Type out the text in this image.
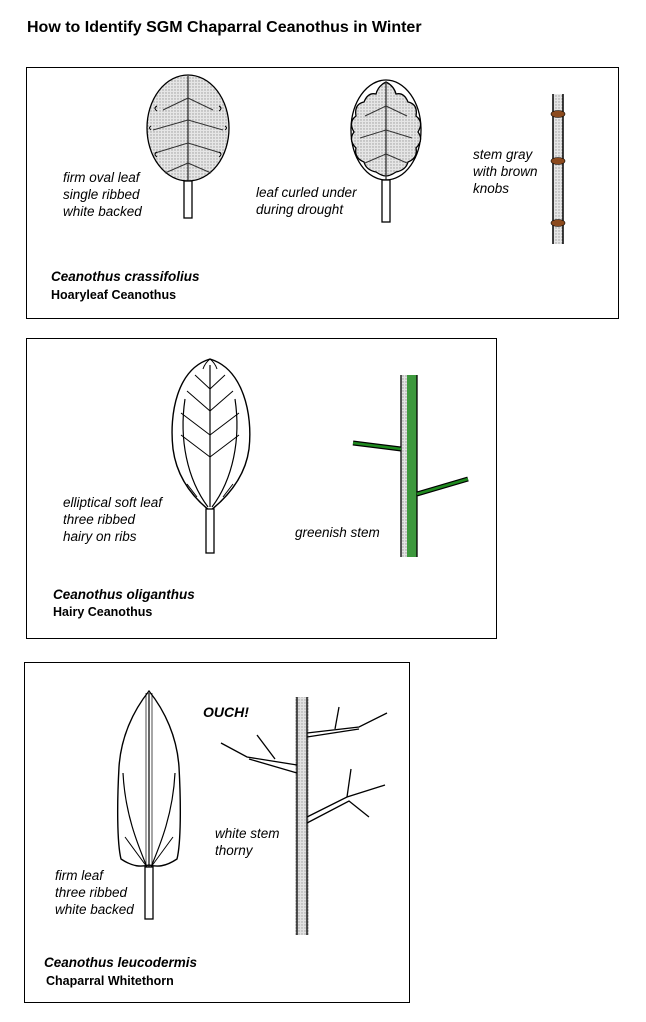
How to Identify SGM Chaparral Ceanothus in Winter
firm oval leaf
single ribbed
white backed
leaf curled under
during drought
stem gray
with brown
knobs
Ceanothus crassifolius
Hoaryleaf Ceanothus
elliptical soft leaf
three ribbed
hairy on ribs	greenish stem
Ceanothus oliganthus
Hairy Ceanothus
OUCH!
white stem
thorny
firm leaf
three ribbed
white backed
Ceanothus leucodermis
Chaparral Whitethorn
